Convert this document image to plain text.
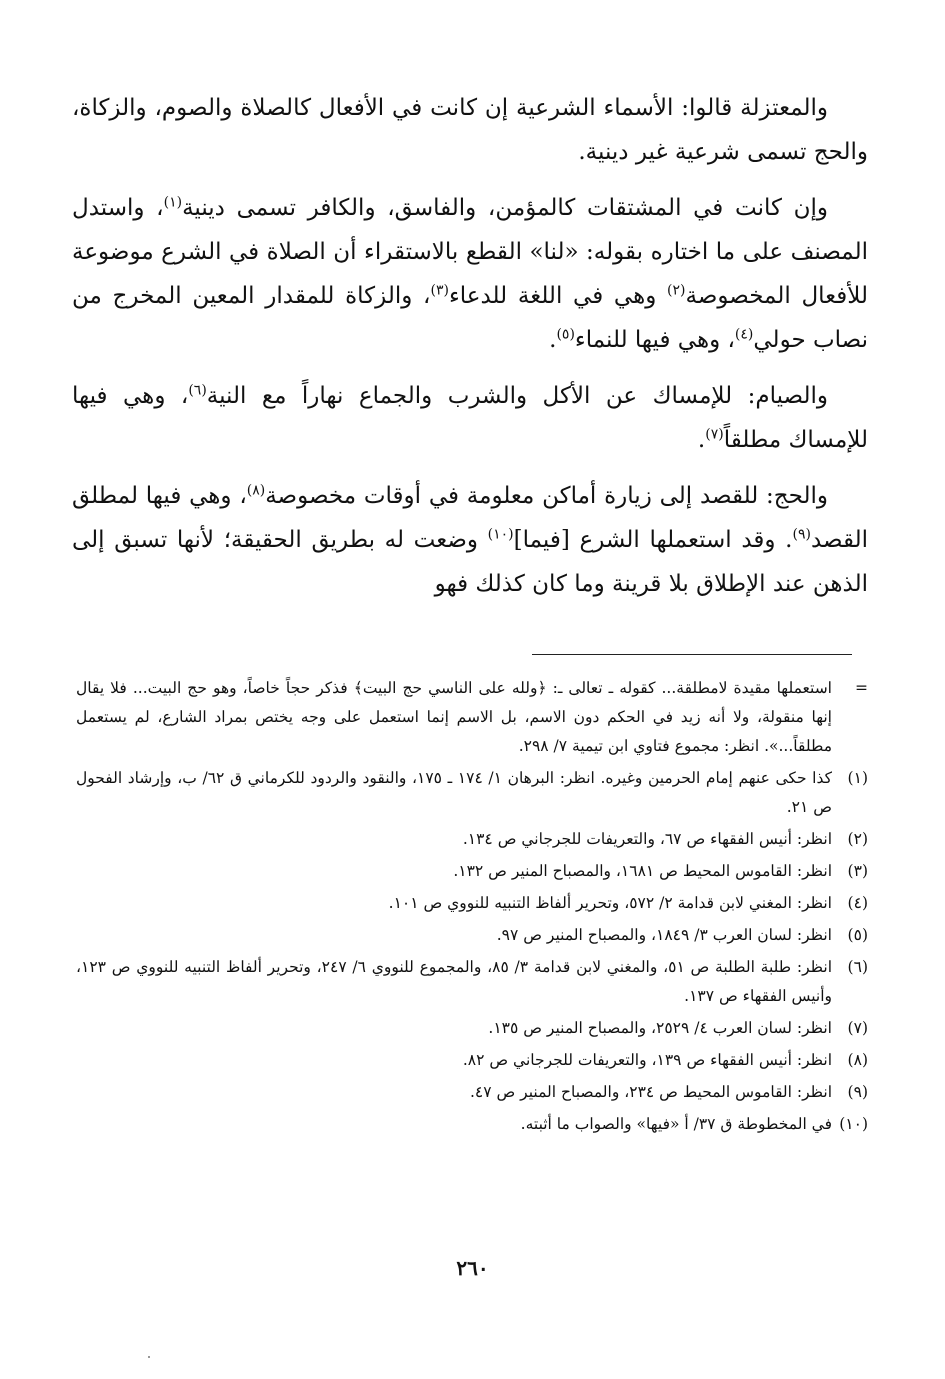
والمعتزلة قالوا: الأسماء الشرعية إن كانت في الأفعال كالصلاة والصوم، والزكاة، والحج تسمى شرعية غير دينية.

وإن كانت في المشتقات كالمؤمن، والفاسق، والكافر تسمى دينية$^{(١)}$، واستدل المصنف على ما اختاره بقوله: «لنا» القطع بالاستقراء أن الصلاة في الشرع موضوعة للأفعال المخصوصة$^{(٢)}$ وهي في اللغة للدعاء$^{(٣)}$، والزكاة للمقدار المعين المخرج من نصاب حولي$^{(٤)}$، وهي فيها للنماء$^{(٥)}$.

والصيام: للإمساك عن الأكل والشرب والجماع نهاراً مع النية$^{(٦)}$، وهي فيها للإمساك مطلقاً$^{(٧)}$.

والحج: للقصد إلى زيارة أماكن معلومة في أوقات مخصوصة$^{(٨)}$، وهي فيها لمطلق القصد$^{(٩)}$. وقد استعملها الشرع [فيما]$^{(١٠)}$ وضعت له بطريق الحقيقة؛ لأنها تسبق إلى الذهن عند الإطلاق بلا قرينة وما كان كذلك فهو

=
استعملها مقيدة لامطلقة... كقوله ـ تعالى ـ: ﴿ولله على الناسي حج البيت﴾ فذكر حجاً خاصاً، وهو حج البيت... فلا يقال إنها منقولة، ولا أنه زيد في الحكم دون الاسم، بل الاسم إنما استعمل على وجه يختص بمراد الشارع، لم يستعمل مطلقاً...». انظر: مجموع فتاوي ابن تيمية ٧/ ٢٩٨.
(١)
كذا حكى عنهم إمام الحرمين وغيره. انظر: البرهان ١/ ١٧٤ ـ ١٧٥، والنقود والردود للكرماني ق ٦٢/ ب، وإرشاد الفحول ص ٢١.
(٢)
انظر: أنيس الفقهاء ص ٦٧، والتعريفات للجرجاني ص ١٣٤.
(٣)
انظر: القاموس المحيط ص ١٦٨١، والمصباح المنير ص ١٣٢.
(٤)
انظر: المغني لابن قدامة ٢/ ٥٧٢، وتحرير ألفاظ التنبيه للنووي ص ١٠١.
(٥)
انظر: لسان العرب ٣/ ١٨٤٩، والمصباح المنير ص ٩٧.
(٦)
انظر: طلبة الطلبة ص ٥١، والمغني لابن قدامة ٣/ ٨٥، والمجموع للنووي ٦/ ٢٤٧، وتحرير ألفاظ التنبيه للنووي ص ١٢٣، وأنيس الفقهاء ص ١٣٧.
(٧)
انظر: لسان العرب ٤/ ٢٥٢٩، والمصباح المنير ص ١٣٥.
(٨)
انظر: أنيس الفقهاء ص ١٣٩، والتعريفات للجرجاني ص ٨٢.
(٩)
انظر: القاموس المحيط ص ٢٣٤، والمصباح المنير ص ٤٧.
(١٠)
في المخطوطة ق ٣٧/ أ «فيها» والصواب ما أثبته.
٢٦٠
